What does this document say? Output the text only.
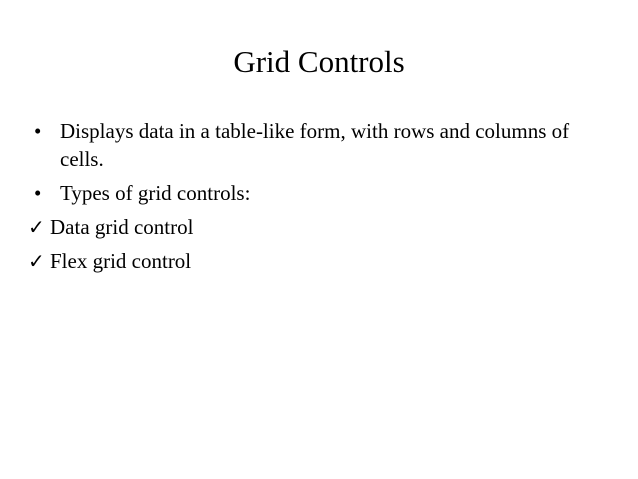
Grid Controls
• Displays data in a table-like form, with rows and columns of cells.
• Types of grid controls:
✓ Data grid control
✓ Flex grid control
